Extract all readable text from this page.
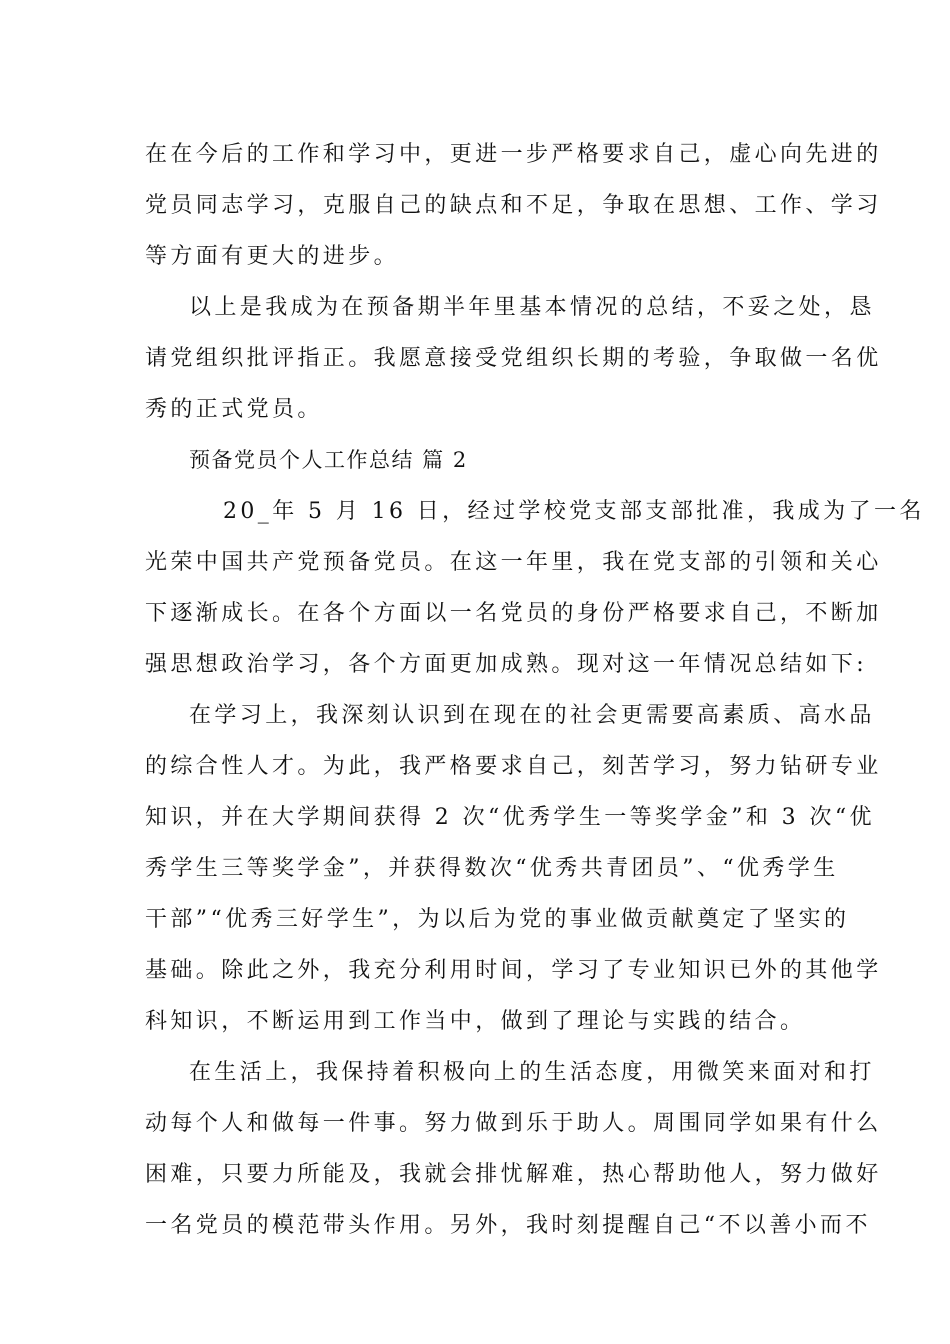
在在今后的工作和学习中，更进一步严格要求自己，虚心向先进的
党员同志学习，克服自己的缺点和不足，争取在思想、工作、学习
等方面有更大的进步。
以上是我成为在预备期半年里基本情况的总结，不妥之处，恳
请党组织批评指正。我愿意接受党组织长期的考验，争取做一名优
秀的正式党员。
预备党员个人工作总结 篇 2
20_年 5 月 16 日，经过学校党支部支部批准，我成为了一名
光荣中国共产党预备党员。在这一年里，我在党支部的引领和关心
下逐渐成长。在各个方面以一名党员的身份严格要求自己，不断加
强思想政治学习，各个方面更加成熟。现对这一年情况总结如下:
在学习上，我深刻认识到在现在的社会更需要高素质、高水品
的综合性人才。为此，我严格要求自己，刻苦学习，努力钻研专业
知识，并在大学期间获得 2 次“优秀学生一等奖学金”和 3 次“优
秀学生三等奖学金”，并获得数次“优秀共青团员”、“优秀学生
干部”“优秀三好学生”，为以后为党的事业做贡献奠定了坚实的
基础。除此之外，我充分利用时间，学习了专业知识已外的其他学
科知识，不断运用到工作当中，做到了理论与实践的结合。
在生活上，我保持着积极向上的生活态度，用微笑来面对和打
动每个人和做每一件事。努力做到乐于助人。周围同学如果有什么
困难，只要力所能及，我就会排忧解难，热心帮助他人，努力做好
一名党员的模范带头作用。另外，我时刻提醒自己“不以善小而不
